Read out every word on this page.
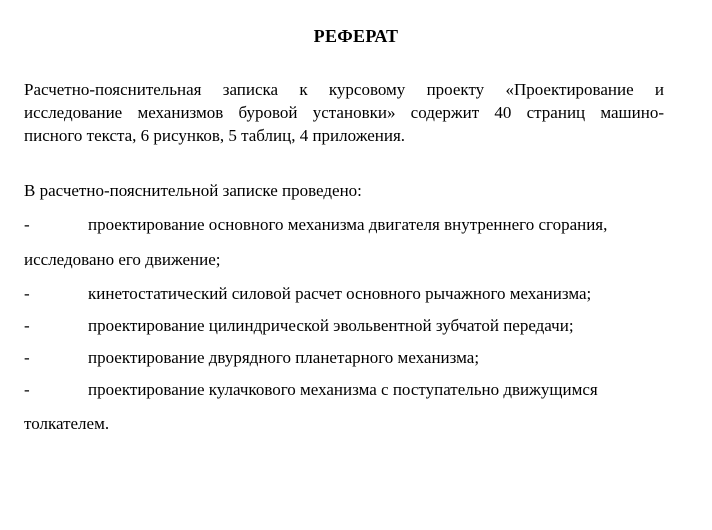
РЕФЕРАТ
Расчетно-пояснительная записка к курсовому проекту «Проектирование и
исследование механизмов буровой установки» содержит 40 страниц машино-
писного текста, 6 рисунков, 5 таблиц, 4 приложения.
В расчетно-пояснительной записке проведено:
-	проектирование основного механизма двигателя внутреннего сгорания,
исследовано его движение;
-	кинетостатический силовой расчет основного рычажного механизма;
-	проектирование цилиндрической эвольвентной зубчатой передачи;
-	проектирование двурядного планетарного механизма;
-	проектирование кулачкового механизма с поступательно движущимся
толкателем.
